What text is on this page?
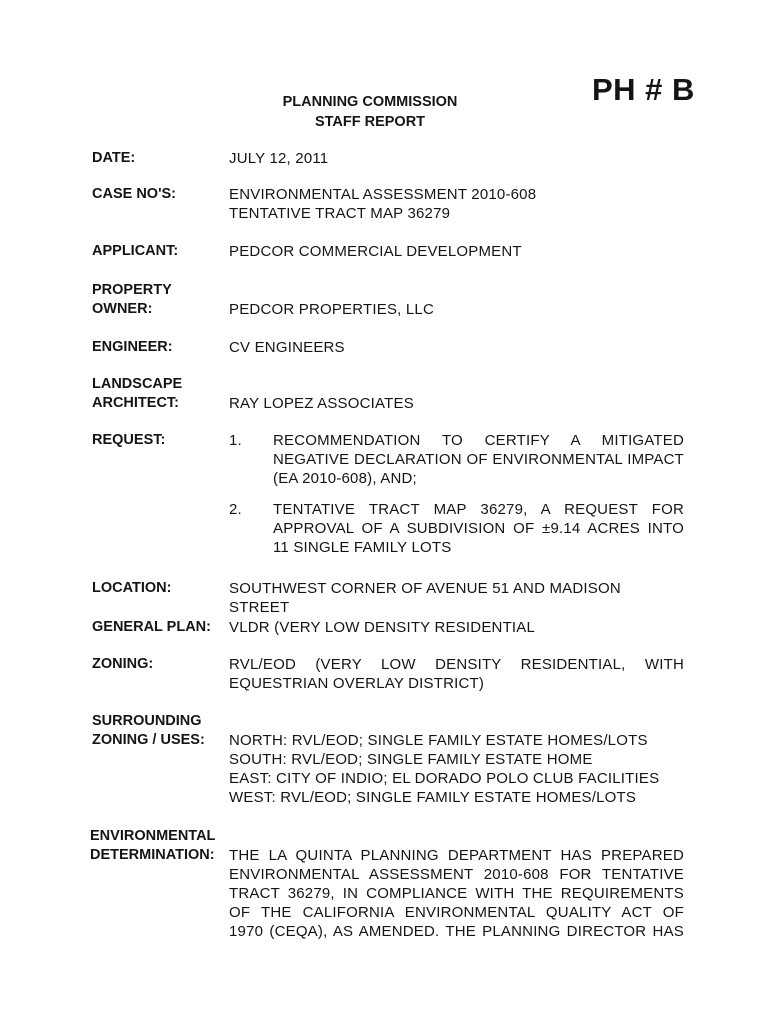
PH # B
PLANNING COMMISSION
STAFF REPORT
DATE:	JULY 12, 2011
CASE NO'S:	ENVIRONMENTAL ASSESSMENT 2010-608
TENTATIVE TRACT MAP 36279
APPLICANT:	PEDCOR COMMERCIAL DEVELOPMENT
PROPERTY
OWNER:	PEDCOR PROPERTIES, LLC
ENGINEER:	CV ENGINEERS
LANDSCAPE
ARCHITECT:	RAY LOPEZ ASSOCIATES
REQUEST:	1.	RECOMMENDATION TO CERTIFY A MITIGATED
NEGATIVE DECLARATION OF ENVIRONMENTAL IMPACT
(EA 2010-608), AND;
2.	TENTATIVE TRACT MAP 36279, A REQUEST FOR
APPROVAL OF A SUBDIVISION OF ±9.14 ACRES INTO
11 SINGLE FAMILY LOTS
LOCATION:	SOUTHWEST CORNER OF AVENUE 51 AND MADISON STREET
GENERAL PLAN:	VLDR (VERY LOW DENSITY RESIDENTIAL
ZONING:	RVL/EOD (VERY LOW DENSITY RESIDENTIAL, WITH
EQUESTRIAN OVERLAY DISTRICT)
SURROUNDING
ZONING / USES:	NORTH: RVL/EOD; SINGLE FAMILY ESTATE HOMES/LOTS
SOUTH: RVL/EOD; SINGLE FAMILY ESTATE HOME
EAST: CITY OF INDIO; EL DORADO POLO CLUB FACILITIES
WEST: RVL/EOD; SINGLE FAMILY ESTATE HOMES/LOTS
ENVIRONMENTAL
DETERMINATION: THE LA QUINTA PLANNING DEPARTMENT HAS PREPARED
ENVIRONMENTAL ASSESSMENT 2010-608 FOR TENTATIVE
TRACT 36279, IN COMPLIANCE WITH THE REQUIREMENTS
OF THE CALIFORNIA ENVIRONMENTAL QUALITY ACT OF
1970 (CEQA), AS AMENDED. THE PLANNING DIRECTOR HAS
